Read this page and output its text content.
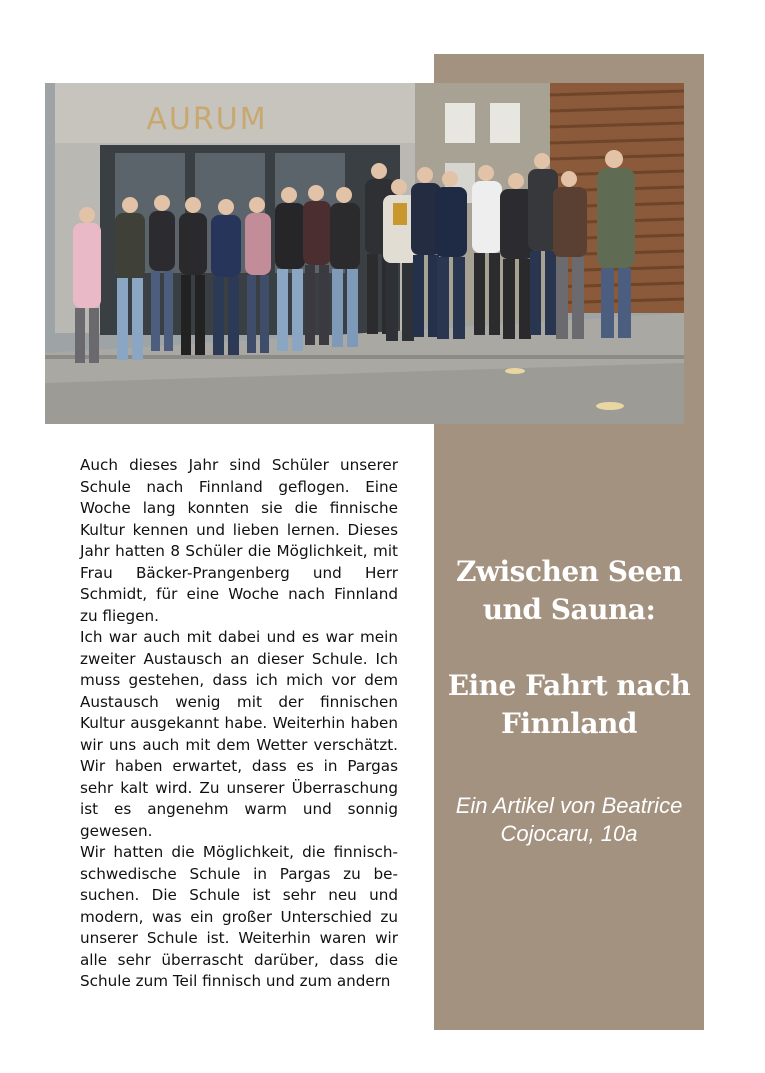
AURUM

Auch dieses Jahr sind Schüler unserer Schule nach Finnland geflogen. Eine Woche lang konnten sie die finnische Kultur kennen und lieben lernen. Dieses Jahr hatten 8 Schüler die Möglichkeit, mit Frau Bäcker-Prangenberg und Herr Schmidt, für eine Woche nach Finnland zu fliegen.

Ich war auch mit dabei und es war mein zweiter Austausch an dieser Schule. Ich muss gestehen, dass ich mich vor dem Austausch wenig mit der finnischen Kultur ausgekannt habe. Weiterhin haben wir uns auch mit dem Wetter verschätzt. Wir haben erwartet, dass es in Pargas sehr kalt wird. Zu unserer Überraschung ist es angenehm warm und sonnig gewesen.

Wir hatten die Möglichkeit, die finnisch-schwedische Schule in Pargas zu besuchen. Die Schule ist sehr neu und modern, was ein großer Unterschied zu unserer Schule ist. Weiterhin waren wir alle sehr überrascht darüber, dass die Schule zum Teil finnisch und zum andern

Zwischen Seen
und Sauna:
Eine Fahrt nach
Finnland
Ein Artikel von Beatrice
Cojocaru, 10a
